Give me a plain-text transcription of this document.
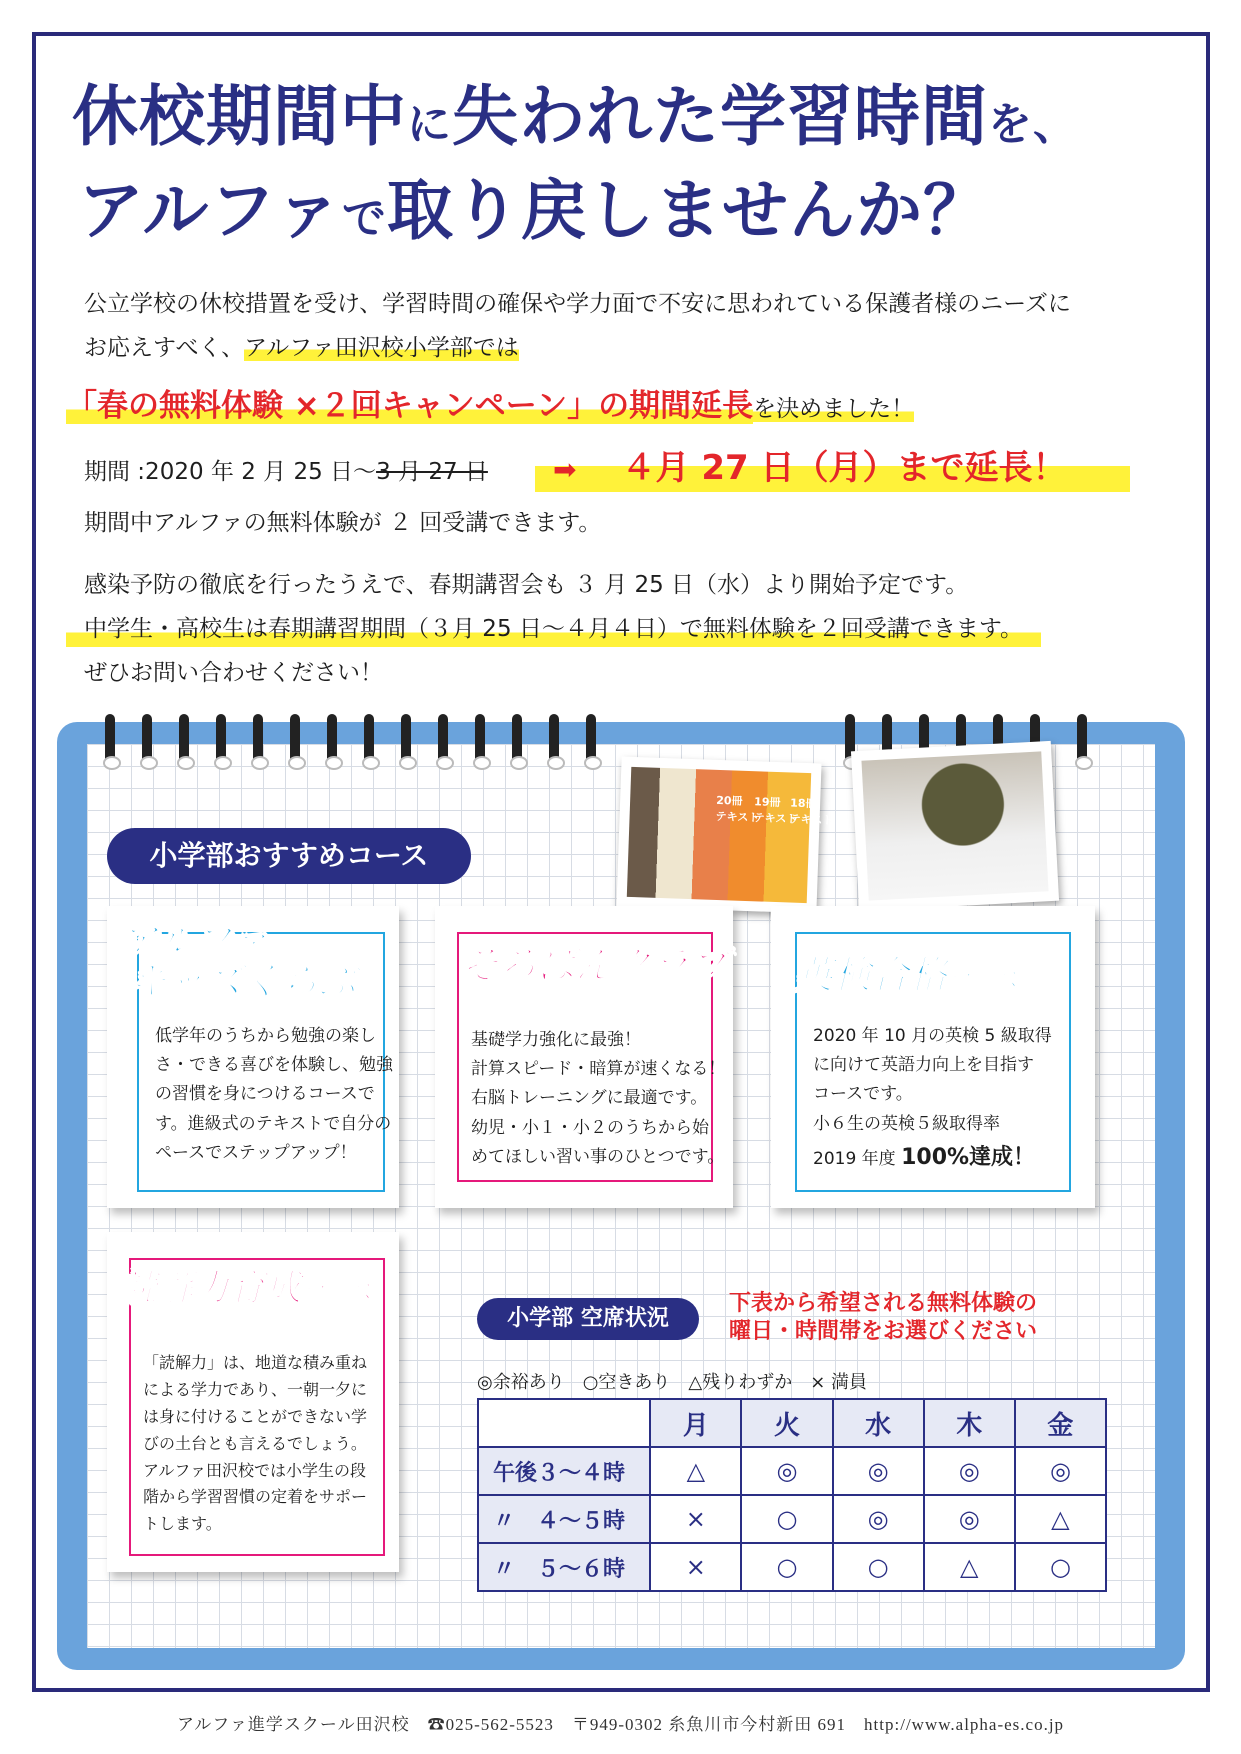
休校期間中に失われた学習時間を、
アルファで取り戻しませんか？
公立学校の休校措置を受け、学習時間の確保や学力面で不安に思われている保護者様のニーズに
お応えすべく、アルファ田沢校小学部では
「春の無料体験 ×２回キャンペーン」の期間延長を決めました！
期間 :2020 年 2 月 25 日〜3 月 27 日	➡ ４月 27 日（月）まで延長！
期間中アルファの無料体験が ２ 回受講できます。
感染予防の徹底を行ったうえで、春期講習会も ３ 月 25 日（水）より開始予定です。
中学生・高校生は春期講習期間（３月 25 日〜４月４日）で無料体験を２回受講できます。
ぜひお問い合わせください！
20冊
テキスト
19冊
テキスト
18冊
テキスト
小学部おすすめコース
アルファ
キッズくらぶ
低学年のうちから勉強の楽し
さ・できる喜びを体験し、勉強
の習慣を身につけるコースで
す。進級式のテキストで自分の
ペースでステップアップ！
そろばんクラブ
基礎学力強化に最強！
計算スピード・暗算が速くなる！
右脳トレーニングに最適です。
幼児・小１・小２のうちから始
めてほしい習い事のひとつです。
英検合格コース
2020 年 10 月の英検 5 級取得
に向けて英語力向上を目指す
コースです。
小６生の英検５級取得率
2019 年度 100%達成！
読解力育成コース
「読解力」は、地道な積み重ね
による学力であり、一朝一夕に
は身に付けることができない学
びの土台とも言えるでしょう。
アルファ田沢校では小学生の段
階から学習習慣の定着をサポー
トします。
小学部 空席状況
下表から希望される無料体験の
曜日・時間帯をお選びください
◎余裕あり　○空きあり　△残りわずか　× 満員
	月	火	水	木	金
午後３〜４時	△	◎	◎	◎	◎
〃　４〜５時	×	○	◎	◎	△
〃　５〜６時	×	○	○	△	○
アルファ進学スクール田沢校　☎025-562-5523　〒949-0302 糸魚川市今村新田 691　http://www.alpha-es.co.jp
